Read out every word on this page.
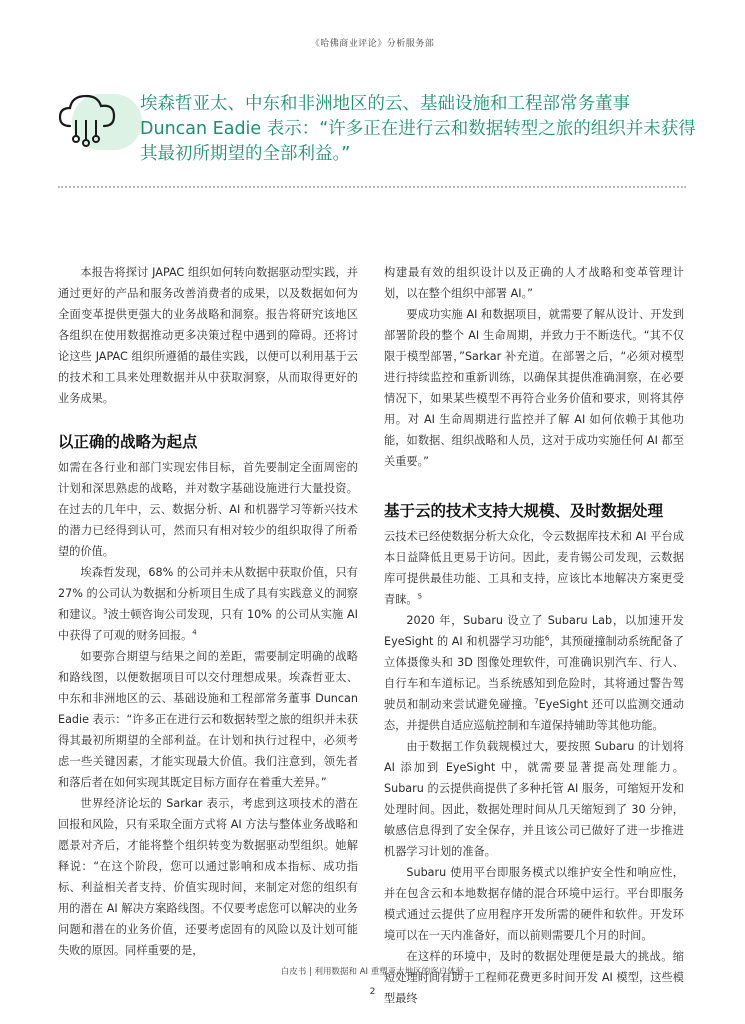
《哈佛商业评论》分析服务部
埃森哲亚太、中东和非洲地区的云、基础设施和工程部常务董事 Duncan Eadie 表示：“许多正在进行云和数据转型之旅的组织并未获得其最初所期望的全部利益。”

本报告将探讨 JAPAC 组织如何转向数据驱动型实践，并通过更好的产品和服务改善消费者的成果，以及数据如何为全面变革提供更强大的业务战略和洞察。报告将研究该地区各组织在使用数据推动更多决策过程中遇到的障碍。还将讨论这些 JAPAC 组织所遵循的最佳实践，以便可以利用基于云的技术和工具来处理数据并从中获取洞察，从而取得更好的业务成果。

以正确的战略为起点

如需在各行业和部门实现宏伟目标，首先要制定全面周密的计划和深思熟虑的战略，并对数字基础设施进行大量投资。在过去的几年中，云、数据分析、AI 和机器学习等新兴技术的潜力已经得到认可，然而只有相对较少的组织取得了所希望的价值。

埃森哲发现，68% 的公司并未从数据中获取价值，只有 27% 的公司认为数据和分析项目生成了具有实践意义的洞察和建议。$^3$波士顿咨询公司发现，只有 10% 的公司从实施 AI 中获得了可观的财务回报。$^4$

如要弥合期望与结果之间的差距，需要制定明确的战略和路线图，以便数据项目可以交付理想成果。埃森哲亚太、中东和非洲地区的云、基础设施和工程部常务董事 Duncan Eadie 表示：“许多正在进行云和数据转型之旅的组织并未获得其最初所期望的全部利益。在计划和执行过程中，必须考虑一些关键因素，才能实现最大价值。我们注意到，领先者和落后者在如何实现其既定目标方面存在着重大差异。”

世界经济论坛的 Sarkar 表示，考虑到这项技术的潜在回报和风险，只有采取全面方式将 AI 方法与整体业务战略和愿景对齐后，才能将整个组织转变为数据驱动型组织。她解释说：“在这个阶段，您可以通过影响和成本指标、成功指标、利益相关者支持、价值实现时间，来制定对您的组织有用的潜在 AI 解决方案路线图。不仅要考虑您可以解决的业务问题和潜在的业务价值，还要考虑固有的风险以及计划可能失败的原因。同样重要的是，

构建最有效的组织设计以及正确的人才战略和变革管理计划，以在整个组织中部署 AI。”

要成功实施 AI 和数据项目，就需要了解从设计、开发到部署阶段的整个 AI 生命周期，并致力于不断迭代。“其不仅限于模型部署，”Sarkar 补充道。在部署之后，“必须对模型进行持续监控和重新训练，以确保其提供准确洞察，在必要情况下，如果某些模型不再符合业务价值和要求，则将其停用。对 AI 生命周期进行监控并了解 AI 如何依赖于其他功能，如数据、组织战略和人员，这对于成功实施任何 AI 都至关重要。”

基于云的技术支持大规模、及时数据处理

云技术已经使数据分析大众化，令云数据库技术和 AI 平台成本日益降低且更易于访问。因此，麦肯锡公司发现，云数据库可提供最佳功能、工具和支持，应该比本地解决方案更受青睐。$^5$

2020 年，Subaru 设立了 Subaru Lab，以加速开发 EyeSight 的 AI 和机器学习功能$^6$，其预碰撞制动系统配备了立体摄像头和 3D 图像处理软件，可准确识别汽车、行人、自行车和车道标记。当系统感知到危险时，其将通过警告驾驶员和制动来尝试避免碰撞。$^7$EyeSight 还可以监测交通动态，并提供自适应巡航控制和车道保持辅助等其他功能。

由于数据工作负载规模过大，要按照 Subaru 的计划将 AI 添加到 EyeSight 中，就需要显著提高处理能力。Subaru 的云提供商提供了多种托管 AI 服务，可缩短开发和处理时间。因此，数据处理时间从几天缩短到了 30 分钟，敏感信息得到了安全保存，并且该公司已做好了进一步推进机器学习计划的准备。

Subaru 使用平台即服务模式以维护安全性和响应性，并在包含云和本地数据存储的混合环境中运行。平台即服务模式通过云提供了应用程序开发所需的硬件和软件。开发环境可以在一天内准备好，而以前则需要几个月的时间。

在这样的环境中，及时的数据处理便是最大的挑战。缩短处理时间有助于工程师花费更多时间开发 AI 模型，这些模型最终

白皮书 | 利用数据和 AI 重塑亚太地区的客户体验
2
